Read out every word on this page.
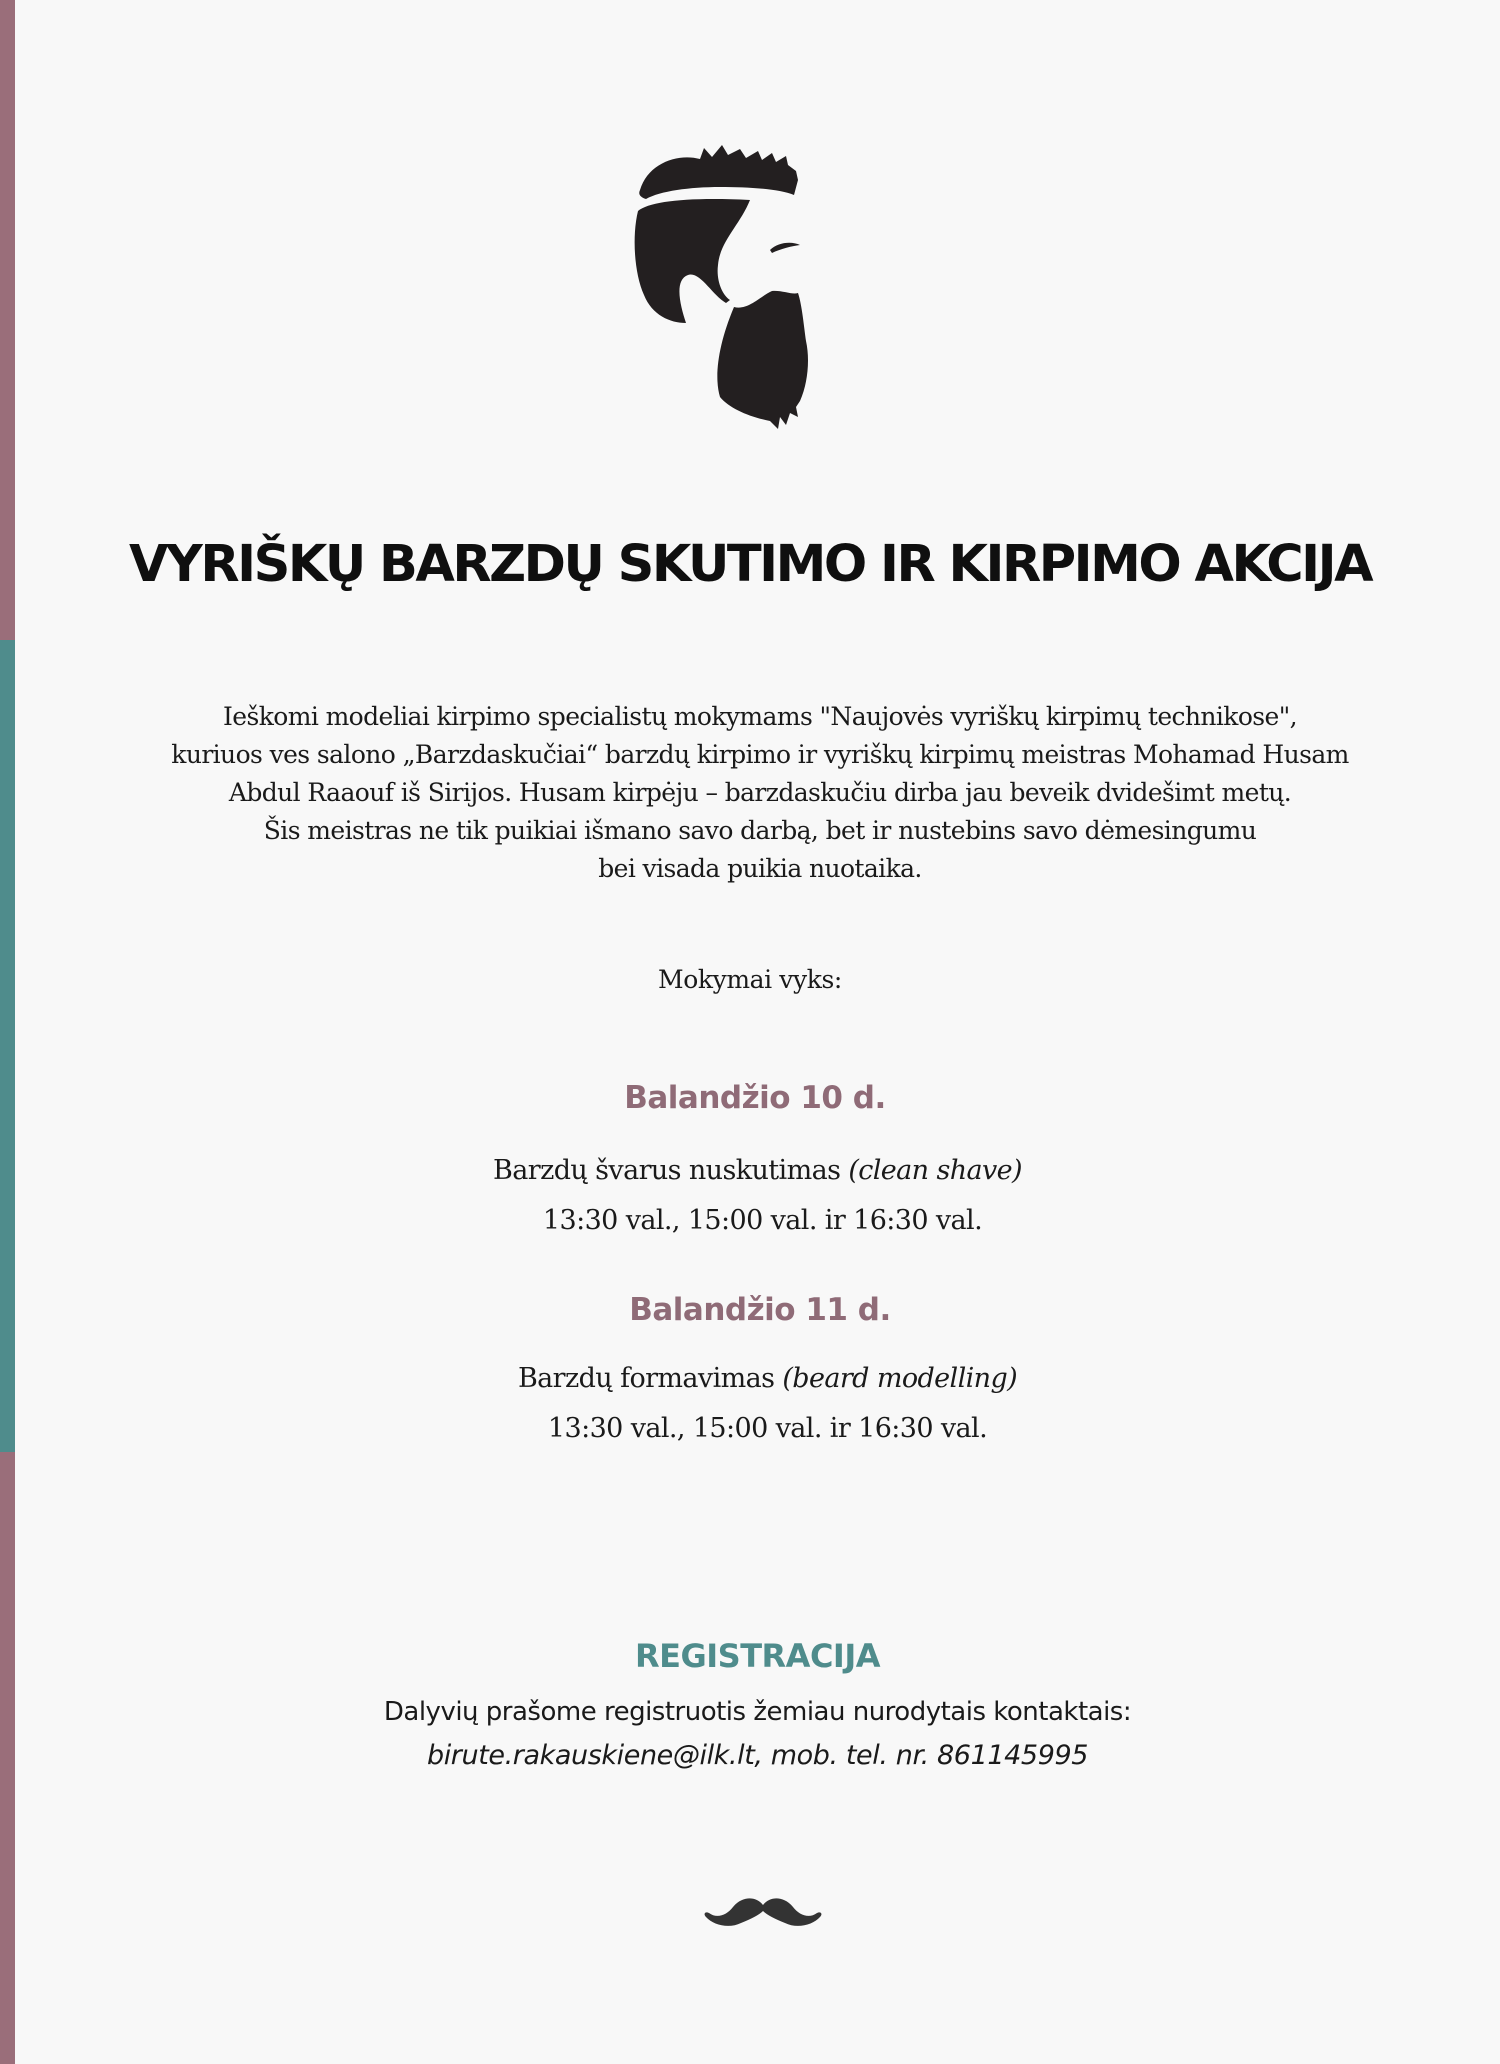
VYRIŠKŲ BARZDŲ SKUTIMO IR KIRPIMO AKCIJA

Ieškomi modeliai kirpimo specialistų mokymams "Naujovės vyriškų kirpimų technikose",
kuriuos ves salono „Barzdaskučiai“ barzdų kirpimo ir vyriškų kirpimų meistras Mohamad Husam
Abdul Raaouf iš Sirijos. Husam kirpėju – barzdaskučiu dirba jau beveik dvidešimt metų.
Šis meistras ne tik puikiai išmano savo darbą, bet ir nustebins savo dėmesingumu
bei visada puikia nuotaika.

Mokymai vyks:

Balandžio 10 d.

Barzdų švarus nuskutimas (clean shave)

13:30 val., 15:00 val. ir 16:30 val.

Balandžio 11 d.

Barzdų formavimas (beard modelling)

13:30 val., 15:00 val. ir 16:30 val.

REGISTRACIJA

Dalyvių prašome registruotis žemiau nurodytais kontaktais:

birute.rakauskiene@ilk.lt, mob. tel. nr. 861145995
